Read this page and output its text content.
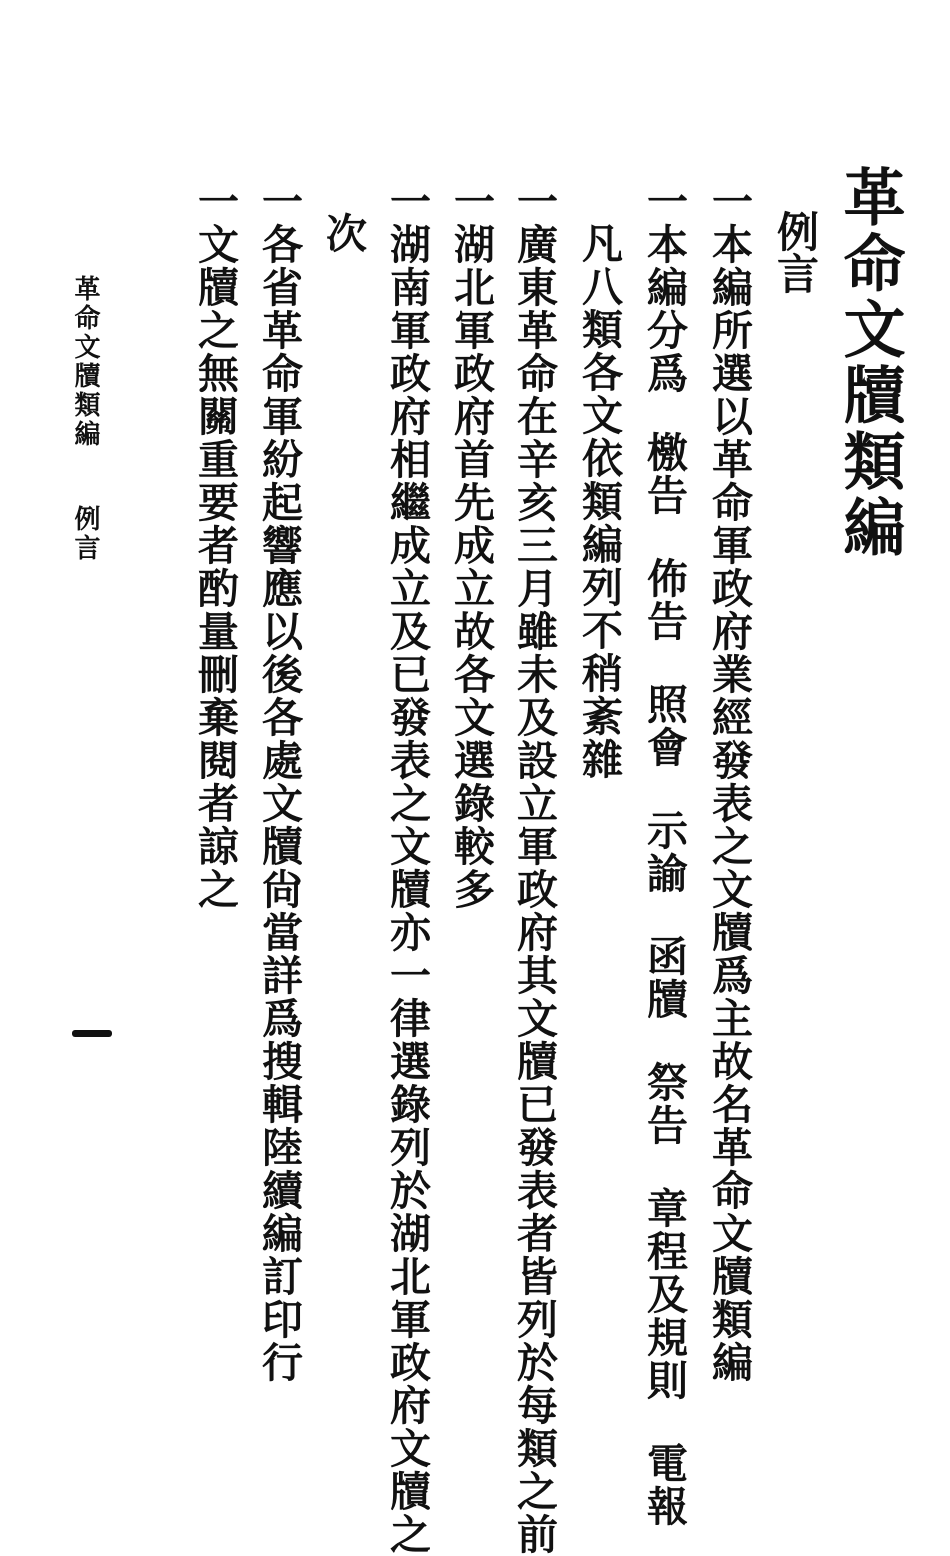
革命文牘類編
例言
一本編所選以革命軍政府業經發表之文牘爲主故名革命文牘類編
一本編分爲檄告佈告照會示諭函牘祭告章程及規則電報
凡八類各文依類編列不稍紊雜
一廣東革命在辛亥三月雖未及設立軍政府其文牘已發表者皆列於每類之前
一湖北軍政府首先成立故各文選錄較多
一湖南軍政府相繼成立及已發表之文牘亦一律選錄列於湖北軍政府文牘之
次
一各省革命軍紛起響應以後各處文牘尙當詳爲搜輯陸續編訂印行
一文牘之無關重要者酌量刪棄閱者諒之
革命文牘類編例言
